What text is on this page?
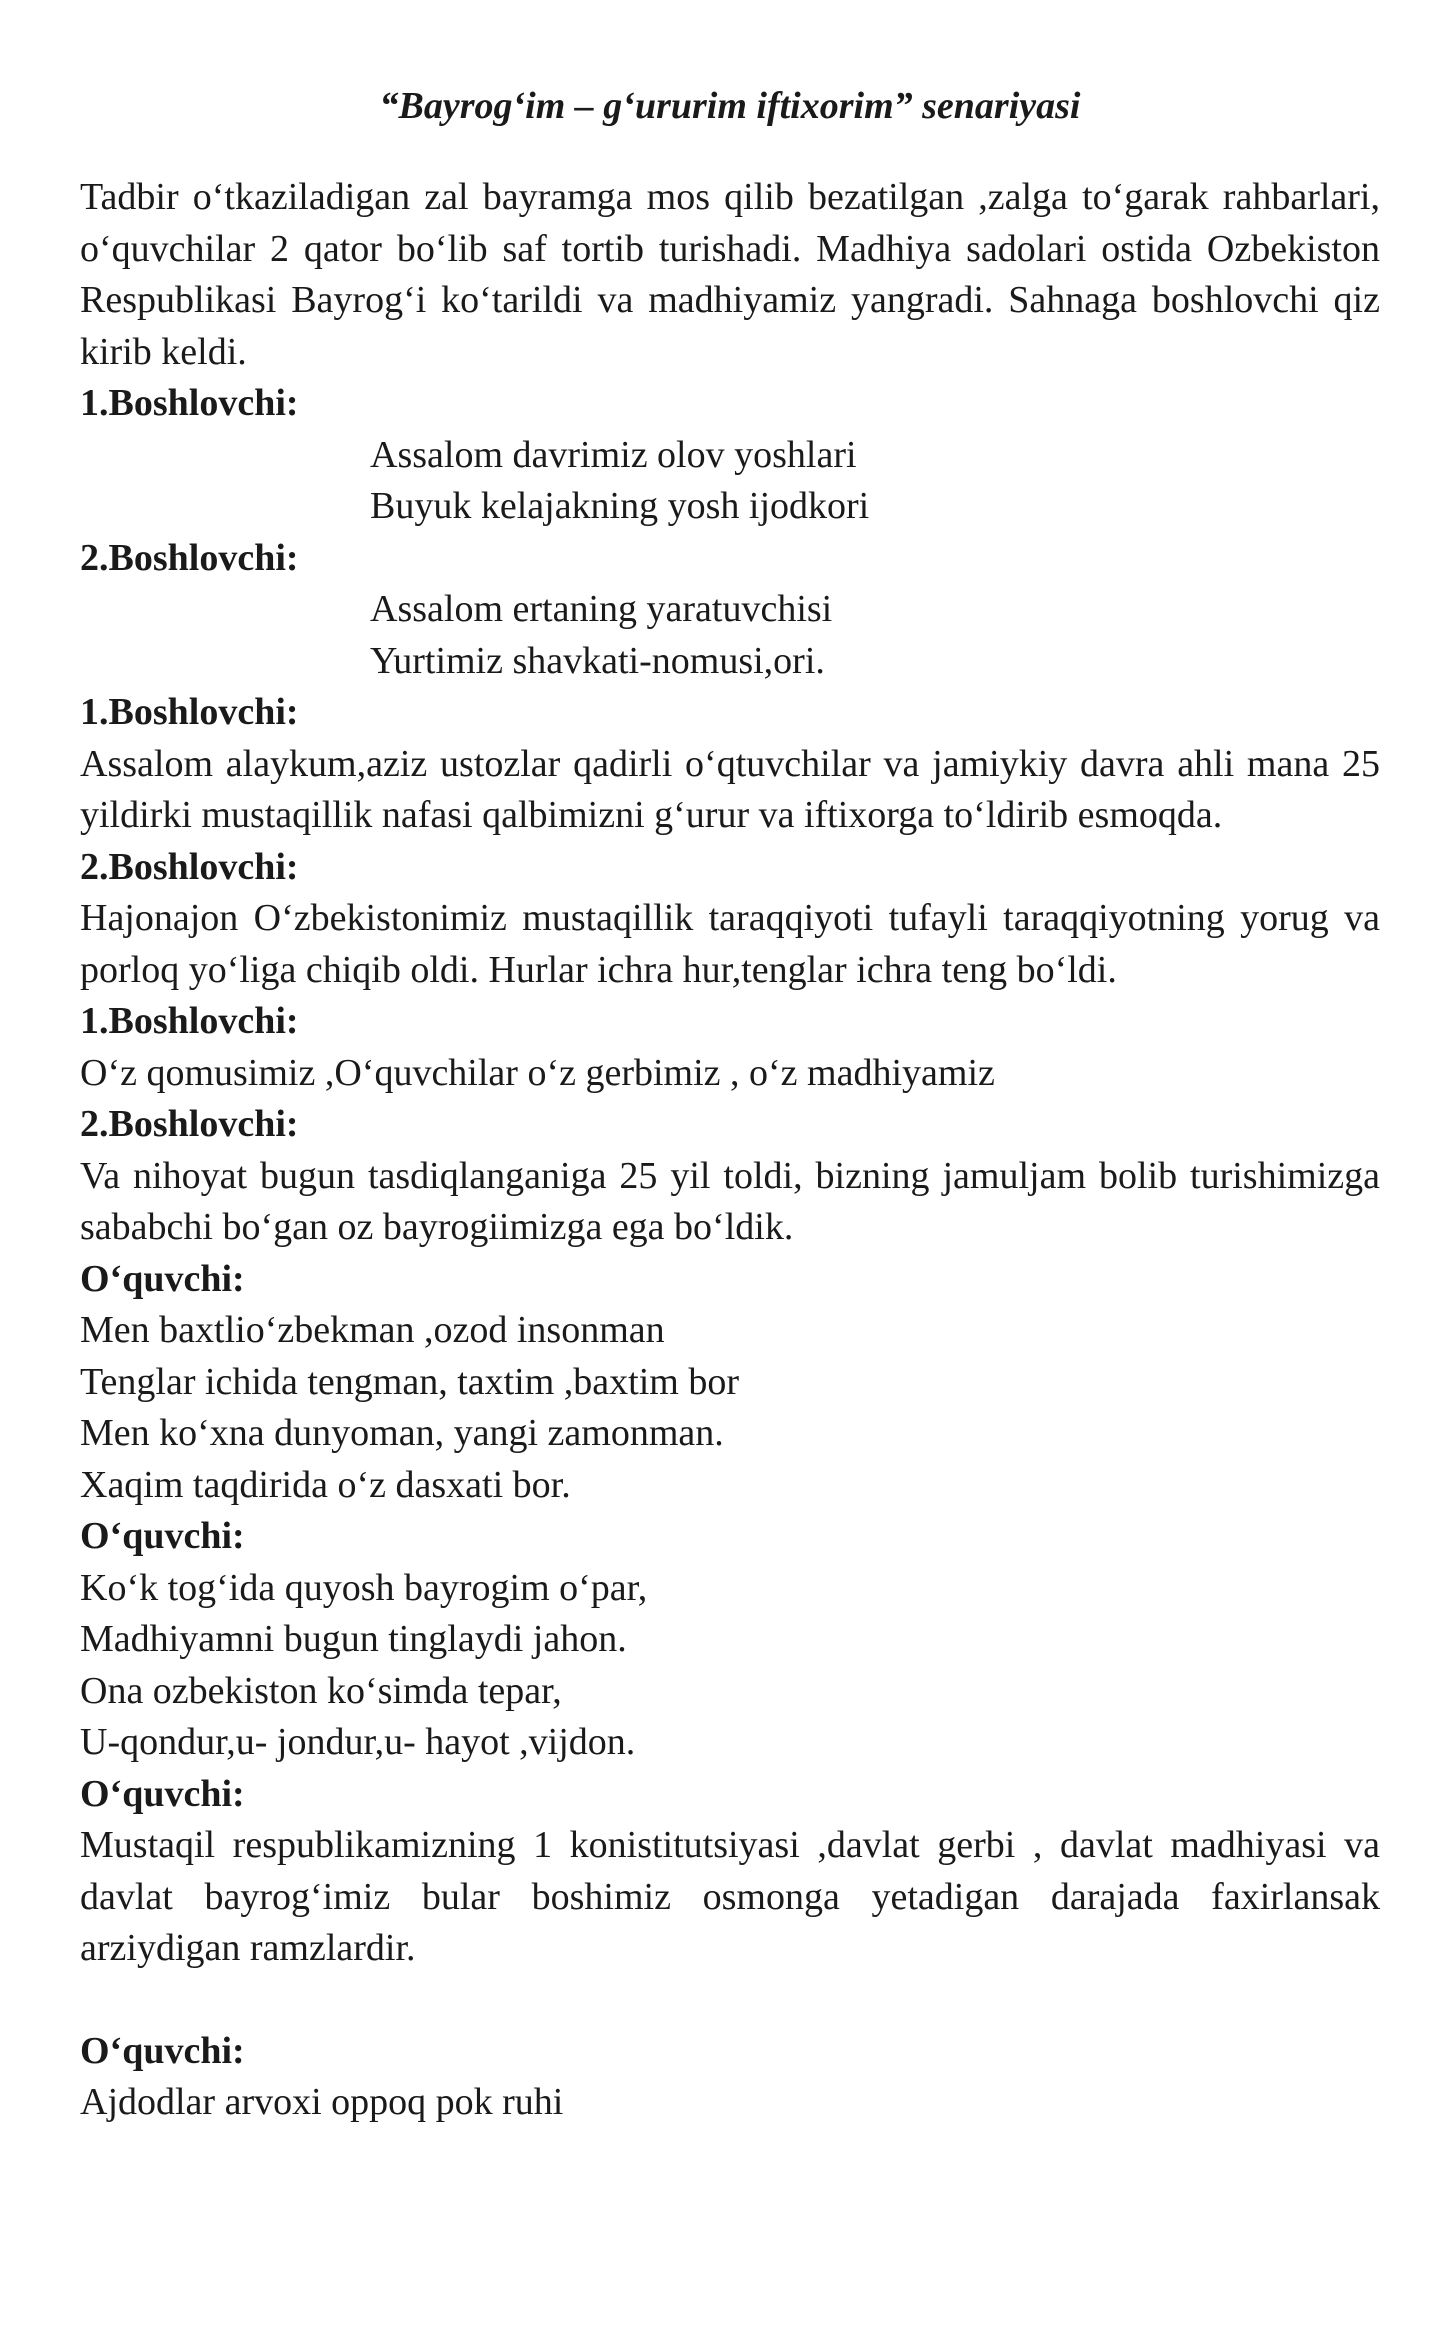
“Bayrog‘im – g‘ururim iftixorim” senariyasi

Tadbir o‘tkaziladigan zal bayramga mos qilib bezatilgan ,zalga to‘garak rahbarlari, o‘quvchilar 2 qator bo‘lib saf tortib turishadi. Madhiya sadolari ostida Ozbekiston Respublikasi Bayrog‘i ko‘tarildi va madhiyamiz yangradi. Sahnaga boshlovchi qiz kirib keldi.

1.Boshlovchi:

Assalom davrimiz olov yoshlari

Buyuk kelajakning yosh ijodkori

2.Boshlovchi:

Assalom ertaning yaratuvchisi

Yurtimiz shavkati-nomusi,ori.

1.Boshlovchi:

Assalom alaykum,aziz ustozlar qadirli o‘qtuvchilar va jamiykiy davra ahli mana 25 yildirki mustaqillik nafasi qalbimizni g‘urur va iftixorga to‘ldirib esmoqda.

2.Boshlovchi:

Hajonajon O‘zbekistonimiz mustaqillik taraqqiyoti tufayli taraqqiyotning yorug va porloq yo‘liga chiqib oldi. Hurlar ichra hur,tenglar ichra teng bo‘ldi.

1.Boshlovchi:

O‘z qomusimiz ,O‘quvchilar o‘z gerbimiz , o‘z madhiyamiz

2.Boshlovchi:

Va nihoyat bugun tasdiqlanganiga 25 yil toldi, bizning jamuljam bolib turishimizga sababchi bo‘gan oz bayrogiimizga ega bo‘ldik.

O‘quvchi:

Men baxtlio‘zbekman ,ozod insonman

Tenglar ichida tengman, taxtim ,baxtim bor

Men ko‘xna dunyoman, yangi zamonman.

Xaqim taqdirida o‘z dasxati bor.

O‘quvchi:

Ko‘k tog‘ida quyosh bayrogim o‘par,

Madhiyamni bugun tinglaydi jahon.

Ona ozbekiston ko‘simda tepar,

U-qondur,u- jondur,u- hayot ,vijdon.

O‘quvchi:

Mustaqil respublikamizning 1 konistitutsiyasi ,davlat gerbi , davlat madhiyasi va davlat bayrog‘imiz bular boshimiz osmonga yetadigan darajada faxirlansak arziydigan ramzlardir.

O‘quvchi:

Ajdodlar arvoxi oppoq pok ruhi
